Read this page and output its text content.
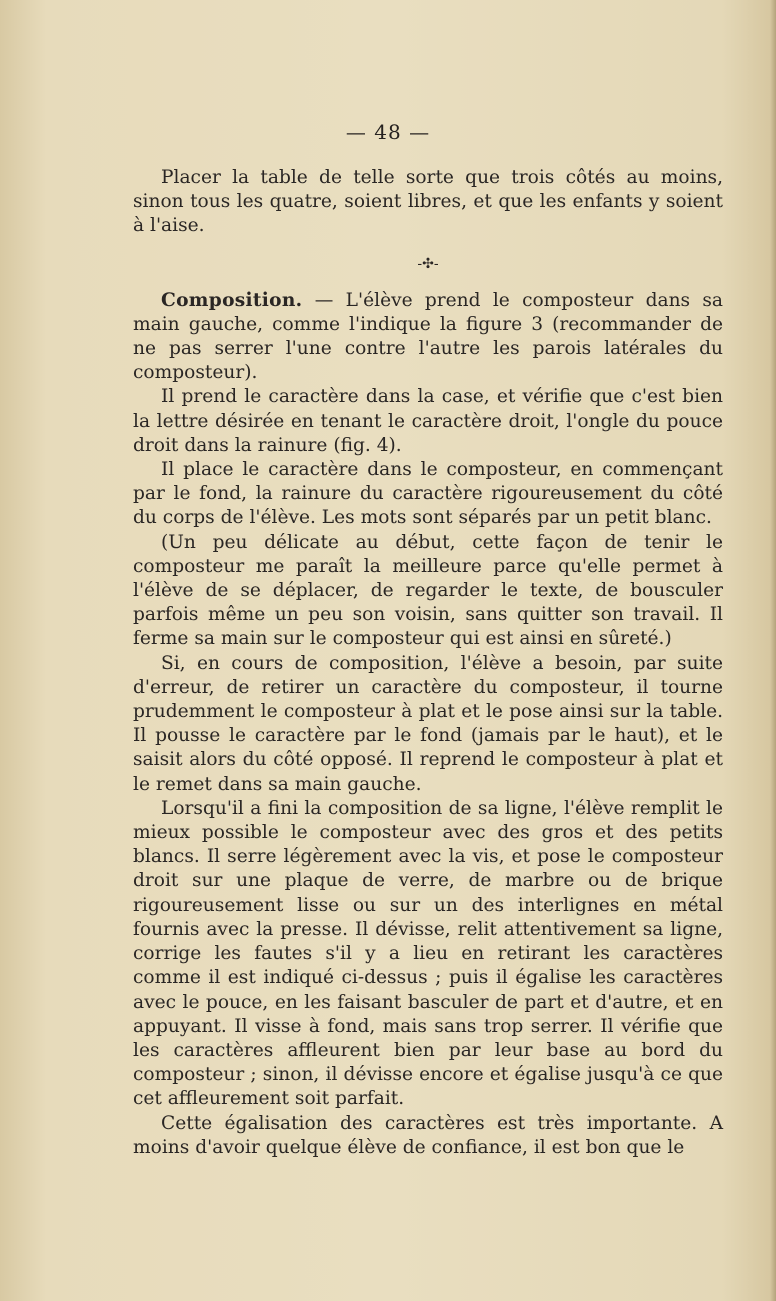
— 48 —

Placer la table de telle sorte que trois côtés au moins, sinon tous les quatre, soient libres, et que les enfants y soient à l'aise.

-✣-

Composition. — L'élève prend le composteur dans sa main gauche, comme l'indique la figure 3 (recommander de ne pas serrer l'une contre l'autre les parois latérales du composteur).

Il prend le caractère dans la case, et vérifie que c'est bien la lettre désirée en tenant le caractère droit, l'ongle du pouce droit dans la rainure (fig. 4).

Il place le caractère dans le composteur, en commençant par le fond, la rainure du caractère rigoureusement du côté du corps de l'élève. Les mots sont séparés par un petit blanc.

(Un peu délicate au début, cette façon de tenir le composteur me paraît la meilleure parce qu'elle permet à l'élève de se déplacer, de regarder le texte, de bousculer parfois même un peu son voisin, sans quitter son travail. Il ferme sa main sur le composteur qui est ainsi en sûreté.)

Si, en cours de composition, l'élève a besoin, par suite d'erreur, de retirer un caractère du composteur, il tourne prudemment le composteur à plat et le pose ainsi sur la table. Il pousse le caractère par le fond (jamais par le haut), et le saisit alors du côté opposé. Il reprend le composteur à plat et le remet dans sa main gauche.

Lorsqu'il a fini la composition de sa ligne, l'élève remplit le mieux possible le composteur avec des gros et des petits blancs. Il serre légèrement avec la vis, et pose le composteur droit sur une plaque de verre, de marbre ou de brique rigoureusement lisse ou sur un des interlignes en métal fournis avec la presse. Il dévisse, relit attentivement sa ligne, corrige les fautes s'il y a lieu en retirant les caractères comme il est indiqué ci-dessus ; puis il égalise les caractères avec le pouce, en les faisant basculer de part et d'autre, et en appuyant. Il visse à fond, mais sans trop serrer. Il vérifie que les caractères affleurent bien par leur base au bord du composteur ; sinon, il dévisse encore et égalise jusqu'à ce que cet affleurement soit parfait.

Cette égalisation des caractères est très importante. A moins d'avoir quelque élève de confiance, il est bon que le
